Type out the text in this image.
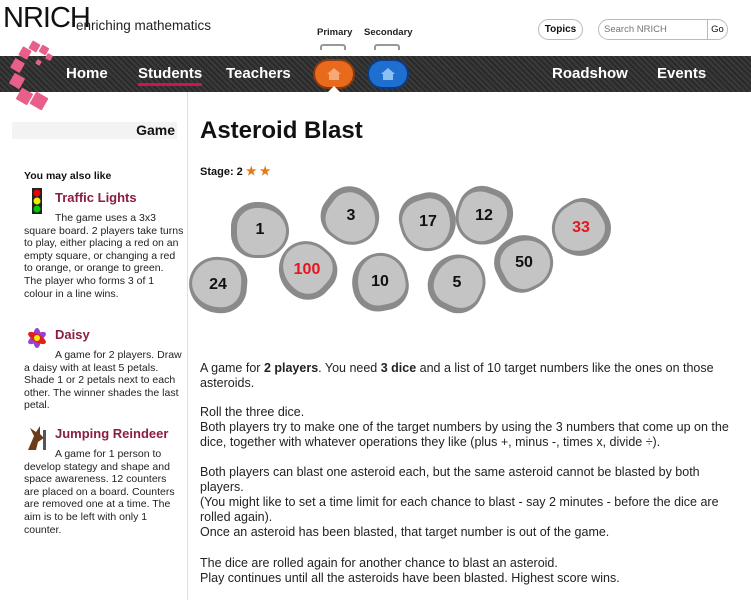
NRICH
enriching mathematics	Primary Secondary	Topics
Search NRICH	Go
Home Students Teachers	Roadshow Events
Game
You may also like
Traffic Lights

The game uses a 3x3 square board. 2 players take turns to play, either placing a red on an empty square, or changing a red to orange, or orange to green. The player who forms 3 of 1 colour in a line wins.

Daisy

A game for 2 players. Draw a daisy with at least 5 petals. Shade 1 or 2 petals next to each other. The winner shades the last petal.

Jumping Reindeer

A game for 1 person to develop stategy and shape and space awareness. 12 counters are placed on a board. Counters are removed one at a time. The aim is to be left with only 1 counter.

Asteroid Blast
Stage: 2 ★ ★
1
3	17 12
33
24
100
10	5
50
A game for 2 players. You need 3 dice and a list of 10 target numbers like the ones on those asteroids.
Roll the three dice.
Both players try to make one of the target numbers by using the 3 numbers that come up on the dice, together with whatever operations they like (plus +, minus -, times x, divide ÷).
Both players can blast one asteroid each, but the same asteroid cannot be blasted by both players.
(You might like to set a time limit for each chance to blast - say 2 minutes - before the dice are rolled again).
Once an asteroid has been blasted, that target number is out of the game.
The dice are rolled again for another chance to blast an asteroid.
Play continues until all the asteroids have been blasted. Highest score wins.
